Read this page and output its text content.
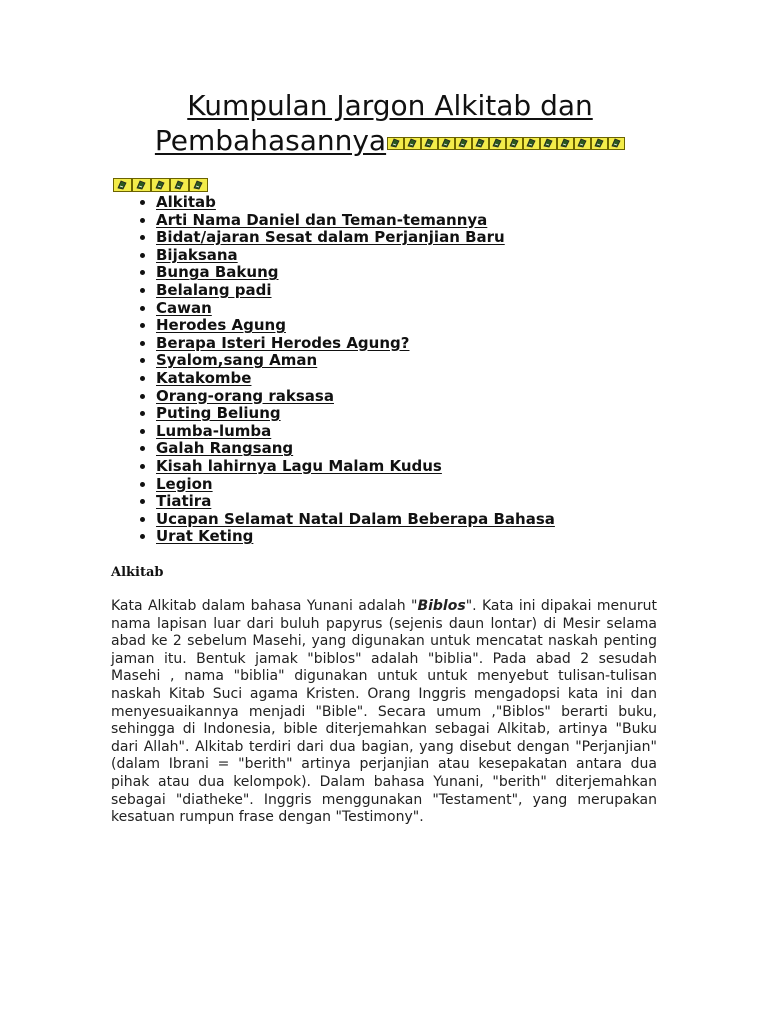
Kumpulan Jargon Alkitab dan
Pembahasannya
• Alkitab
• Arti Nama Daniel dan Teman-temannya
• Bidat/ajaran Sesat dalam Perjanjian Baru
• Bijaksana
• Bunga Bakung
• Belalang padi
• Cawan
• Herodes Agung
• Berapa Isteri Herodes Agung?
• Syalom,sang Aman
• Katakombe
• Orang-orang raksasa
• Puting Beliung
• Lumba-lumba
• Galah Rangsang
• Kisah lahirnya Lagu Malam Kudus
• Legion
• Tiatira
• Ucapan Selamat Natal Dalam Beberapa Bahasa
• Urat Keting
Alkitab

Kata Alkitab dalam bahasa Yunani adalah "Biblos". Kata ini dipakai menurut nama lapisan luar dari buluh papyrus (sejenis daun lontar) di Mesir selama abad ke 2 sebelum Masehi, yang digunakan untuk mencatat naskah penting jaman itu. Bentuk jamak "biblos" adalah "biblia". Pada abad 2 sesudah Masehi , nama "biblia" digunakan untuk untuk menyebut tulisan-tulisan naskah Kitab Suci agama Kristen. Orang Inggris mengadopsi kata ini dan menyesuaikannya menjadi "Bible". Secara umum ,"Biblos" berarti buku, sehingga di Indonesia, bible diterjemahkan sebagai Alkitab, artinya "Buku dari Allah". Alkitab terdiri dari dua bagian, yang disebut dengan "Perjanjian" (dalam Ibrani = "berith" artinya perjanjian atau kesepakatan antara dua pihak atau dua kelompok). Dalam bahasa Yunani, "berith" diterjemahkan sebagai "diatheke". Inggris menggunakan "Testament", yang merupakan kesatuan rumpun frase dengan "Testimony".
